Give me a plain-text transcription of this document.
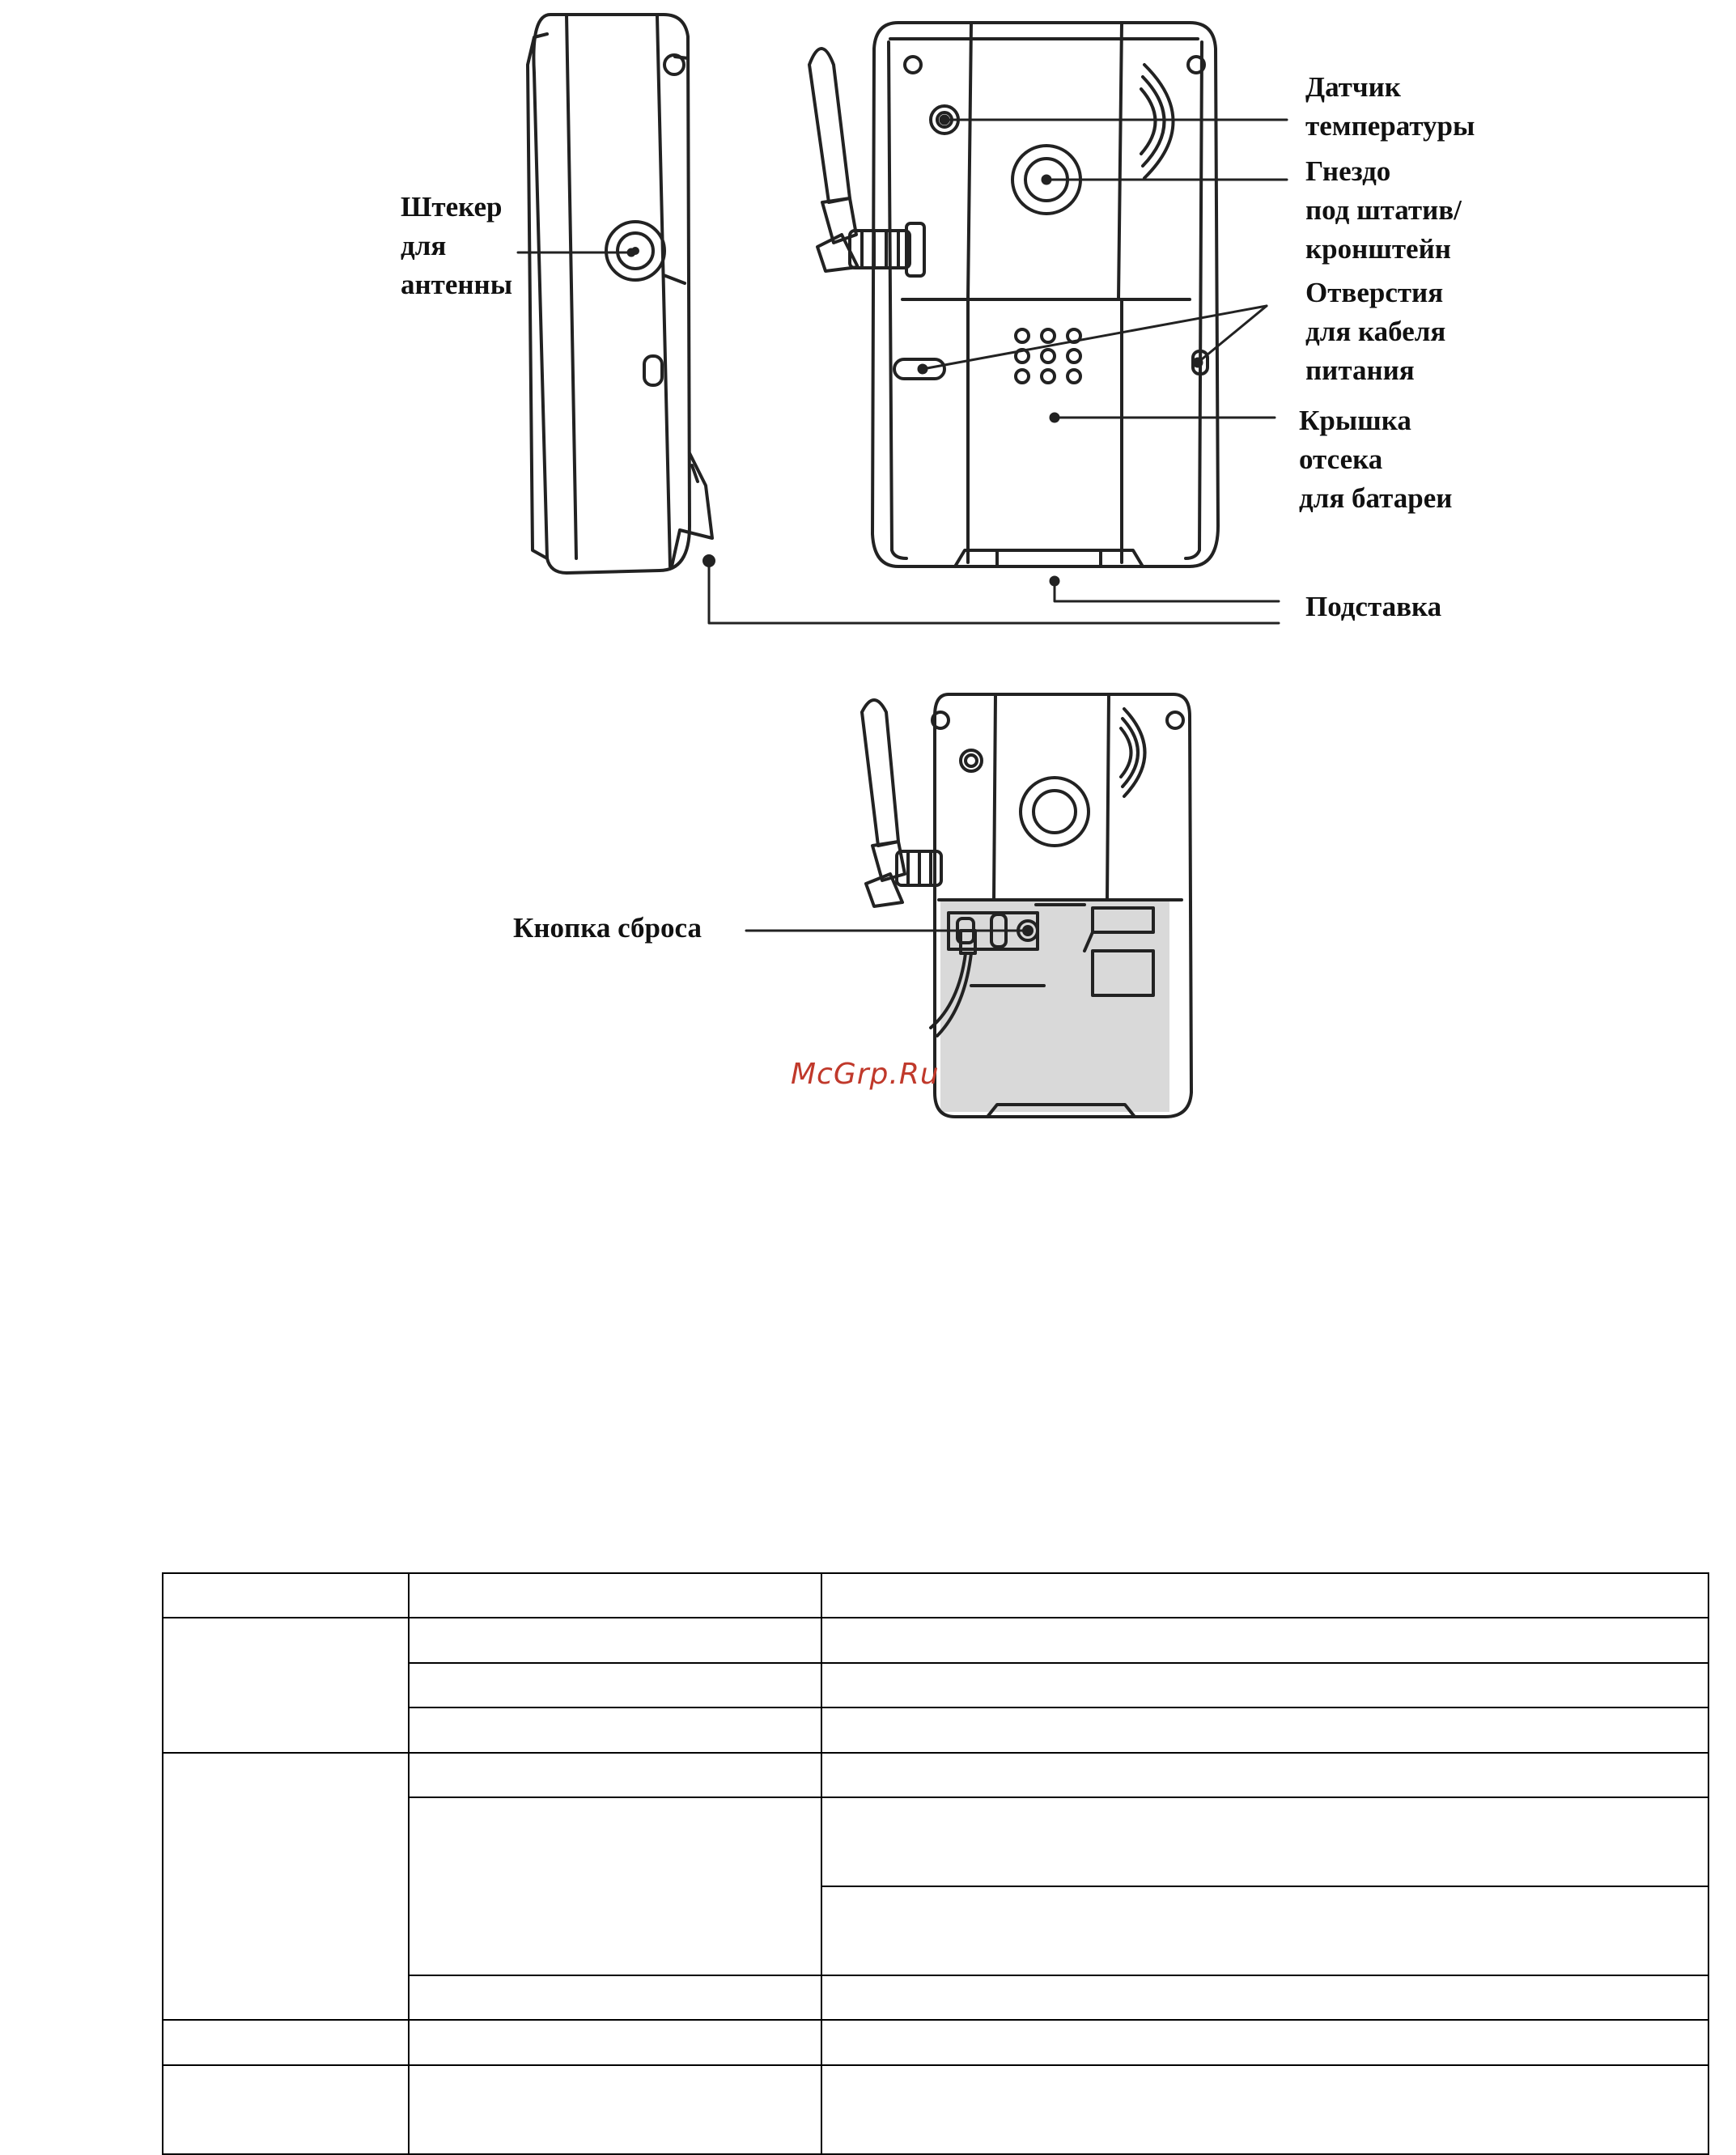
Штекер
для
антенны
Датчик
температуры
Гнездо
под штатив/
кронштейн
Отверстия
для кабеля
питания
Крышка
отсека
для батареи
Подставка
Кнопка сброса
McGrp.Ru
